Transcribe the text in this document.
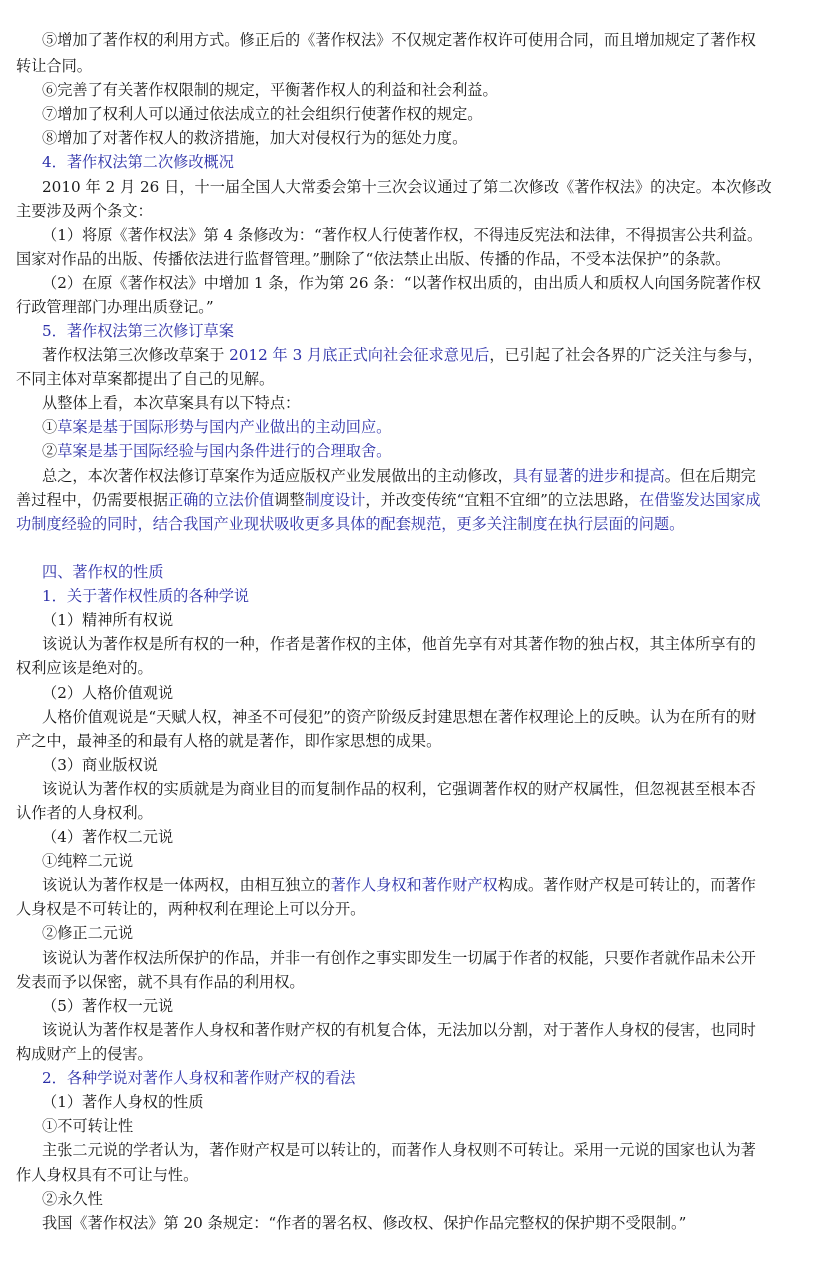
⑤增加了著作权的利用方式。修正后的《著作权法》不仅规定著作权许可使用合同，而且增加规定了著作权
转让合同。
⑥完善了有关著作权限制的规定，平衡著作权人的利益和社会利益。
⑦增加了权利人可以通过依法成立的社会组织行使著作权的规定。
⑧增加了对著作权人的救济措施，加大对侵权行为的惩处力度。
4．著作权法第二次修改概况
2010 年 2 月 26 日，十一届全国人大常委会第十三次会议通过了第二次修改《著作权法》的决定。本次修改
主要涉及两个条文：
（1）将原《著作权法》第 4 条修改为：“著作权人行使著作权，不得违反宪法和法律，不得损害公共利益。
国家对作品的出版、传播依法进行监督管理。”删除了“依法禁止出版、传播的作品，不受本法保护”的条款。
（2）在原《著作权法》中增加 1 条，作为第 26 条：“以著作权出质的，由出质人和质权人向国务院著作权
行政管理部门办理出质登记。”
5．著作权法第三次修订草案
著作权法第三次修改草案于 2012 年 3 月底正式向社会征求意见后，已引起了社会各界的广泛关注与参与，
不同主体对草案都提出了自己的见解。
从整体上看，本次草案具有以下特点：
①草案是基于国际形势与国内产业做出的主动回应。
②草案是基于国际经验与国内条件进行的合理取舍。
总之，本次著作权法修订草案作为适应版权产业发展做出的主动修改，具有显著的进步和提高。但在后期完
善过程中，仍需要根据正确的立法价值调整制度设计，并改变传统“宜粗不宜细”的立法思路，在借鉴发达国家成
功制度经验的同时，结合我国产业现状吸收更多具体的配套规范，更多关注制度在执行层面的问题。
四、著作权的性质
1．关于著作权性质的各种学说
（1）精神所有权说
该说认为著作权是所有权的一种，作者是著作权的主体，他首先享有对其著作物的独占权，其主体所享有的
权利应该是绝对的。
（2）人格价值观说
人格价值观说是“天赋人权，神圣不可侵犯”的资产阶级反封建思想在著作权理论上的反映。认为在所有的财
产之中，最神圣的和最有人格的就是著作，即作家思想的成果。
（3）商业版权说
该说认为著作权的实质就是为商业目的而复制作品的权利，它强调著作权的财产权属性，但忽视甚至根本否
认作者的人身权利。
（4）著作权二元说
①纯粹二元说
该说认为著作权是一体两权，由相互独立的著作人身权和著作财产权构成。著作财产权是可转让的，而著作
人身权是不可转让的，两种权利在理论上可以分开。
②修正二元说
该说认为著作权法所保护的作品，并非一有创作之事实即发生一切属于作者的权能，只要作者就作品未公开
发表而予以保密，就不具有作品的利用权。
（5）著作权一元说
该说认为著作权是著作人身权和著作财产权的有机复合体，无法加以分割，对于著作人身权的侵害，也同时
构成财产上的侵害。
2．各种学说对著作人身权和著作财产权的看法
（1）著作人身权的性质
①不可转让性
主张二元说的学者认为，著作财产权是可以转让的，而著作人身权则不可转让。采用一元说的国家也认为著
作人身权具有不可让与性。
②永久性
我国《著作权法》第 20 条规定：“作者的署名权、修改权、保护作品完整权的保护期不受限制。”
